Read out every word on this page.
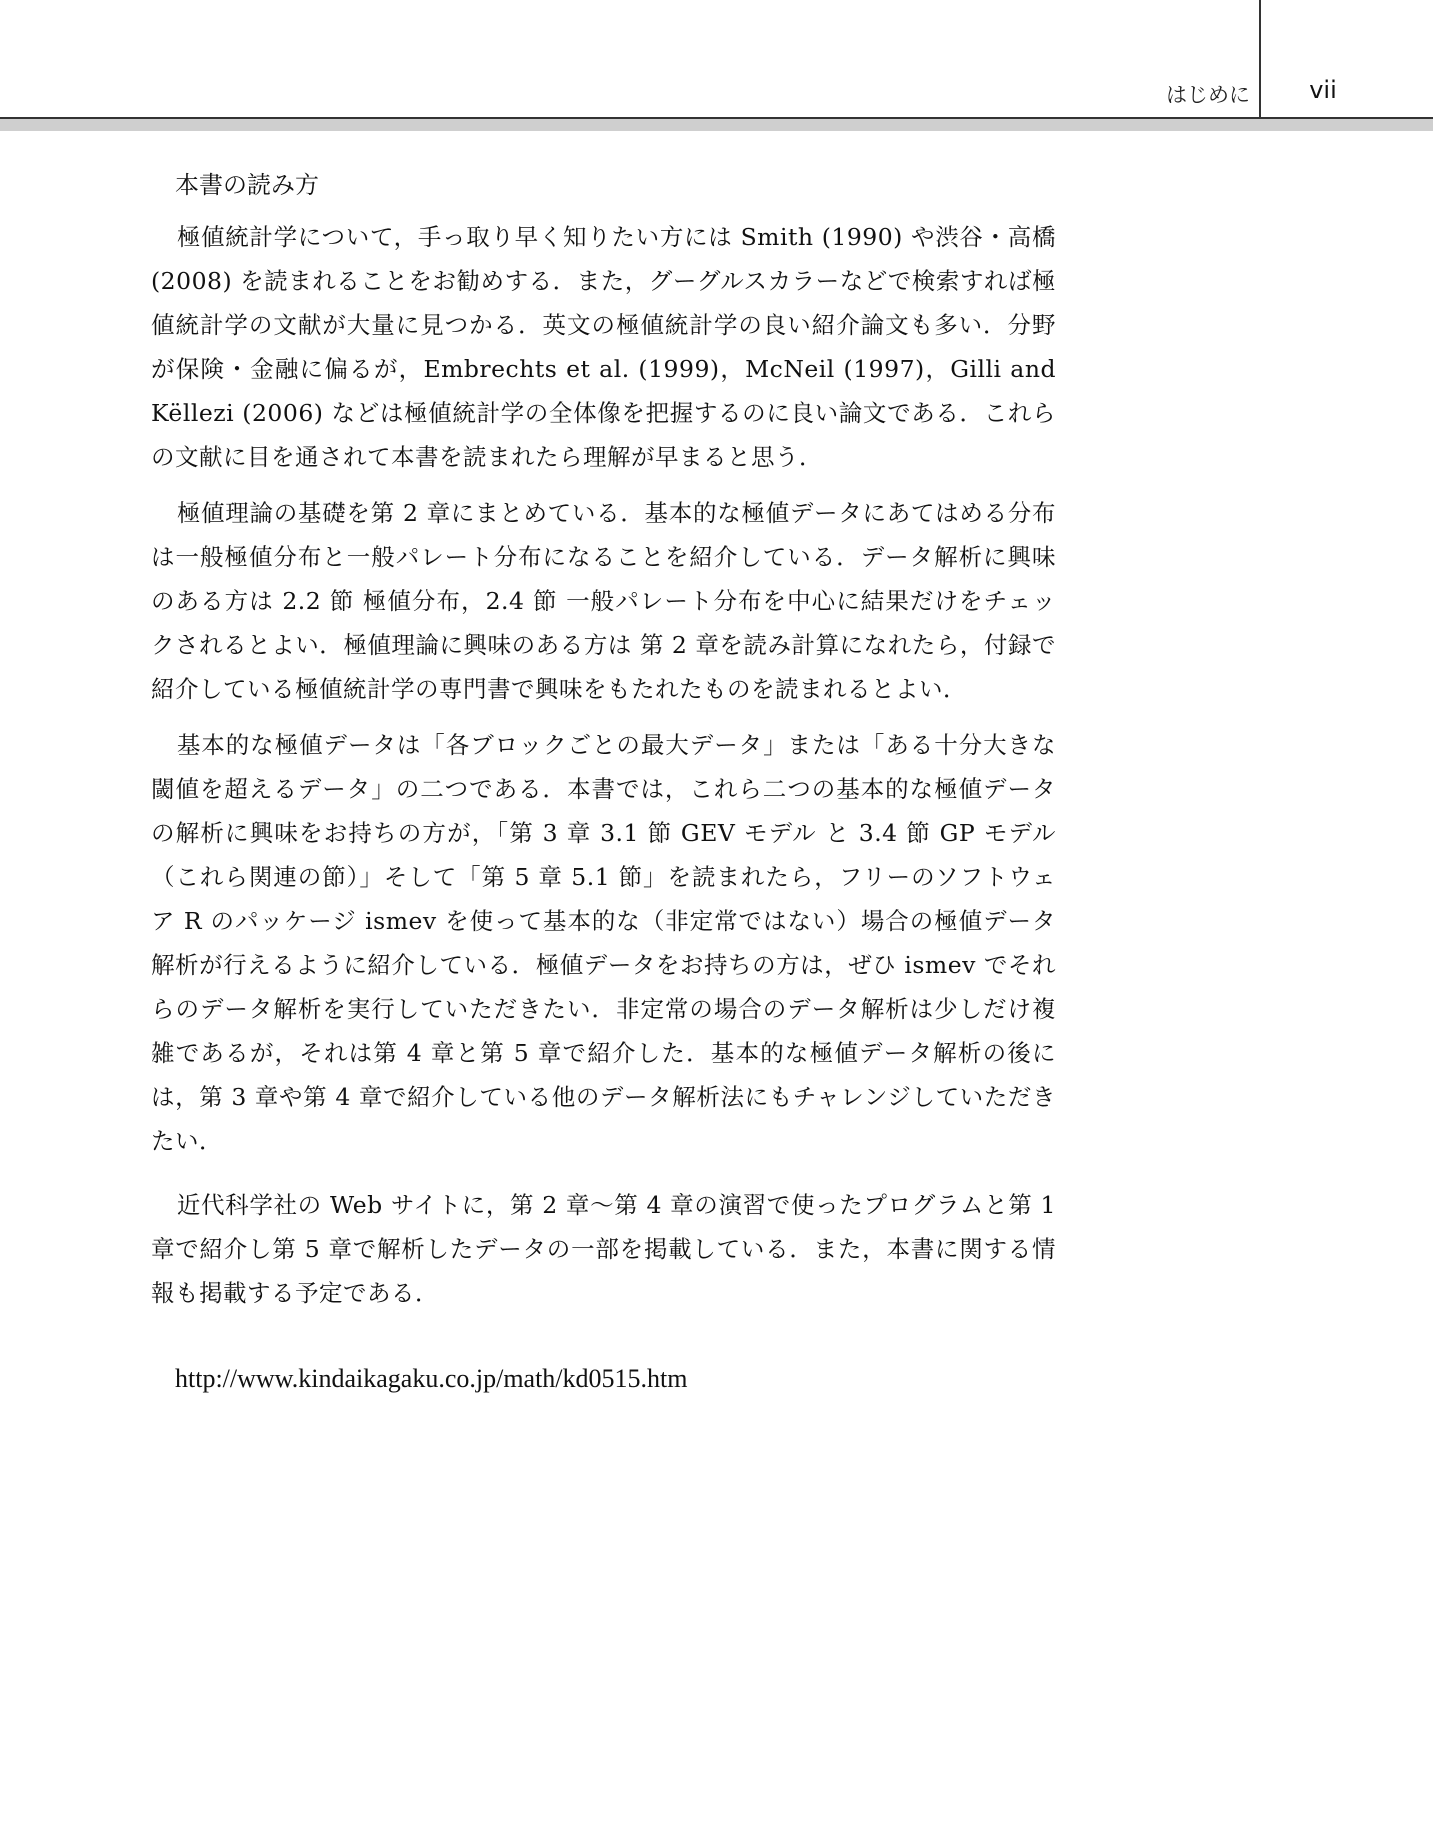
はじめに	vii
本書の読み方

極値統計学について，手っ取り早く知りたい方には Smith (1990) や渋谷・高橋 (2008) を読まれることをお勧めする．また，グーグルスカラーなどで検索すれば極値統計学の文献が大量に見つかる．英文の極値統計学の良い紹介論文も多い．分野が保険・金融に偏るが，Embrechts et al. (1999)，McNeil (1997)，Gilli and Këllezi (2006) などは極値統計学の全体像を把握するのに良い論文である．これらの文献に目を通されて本書を読まれたら理解が早まると思う．

極値理論の基礎を第 2 章にまとめている．基本的な極値データにあてはめる分布は一般極値分布と一般パレート分布になることを紹介している．データ解析に興味のある方は 2.2 節 極値分布，2.4 節 一般パレート分布を中心に結果だけをチェックされるとよい．極値理論に興味のある方は 第 2 章を読み計算になれたら，付録で紹介している極値統計学の専門書で興味をもたれたものを読まれるとよい．

基本的な極値データは「各ブロックごとの最大データ」または「ある十分大きな閾値を超えるデータ」の二つである．本書では，これら二つの基本的な極値データの解析に興味をお持ちの方が，「第 3 章 3.1 節 GEV モデル と 3.4 節 GP モデル（これら関連の節）」そして「第 5 章 5.1 節」を読まれたら，フリーのソフトウェア R のパッケージ ismev を使って基本的な（非定常ではない）場合の極値データ解析が行えるように紹介している．極値データをお持ちの方は，ぜひ ismev でそれらのデータ解析を実行していただきたい．非定常の場合のデータ解析は少しだけ複雑であるが，それは第 4 章と第 5 章で紹介した．基本的な極値データ解析の後には，第 3 章や第 4 章で紹介している他のデータ解析法にもチャレンジしていただきたい．

近代科学社の Web サイトに，第 2 章〜第 4 章の演習で使ったプログラムと第 1 章で紹介し第 5 章で解析したデータの一部を掲載している．また，本書に関する情報も掲載する予定である．

http://www.kindaikagaku.co.jp/math/kd0515.htm
